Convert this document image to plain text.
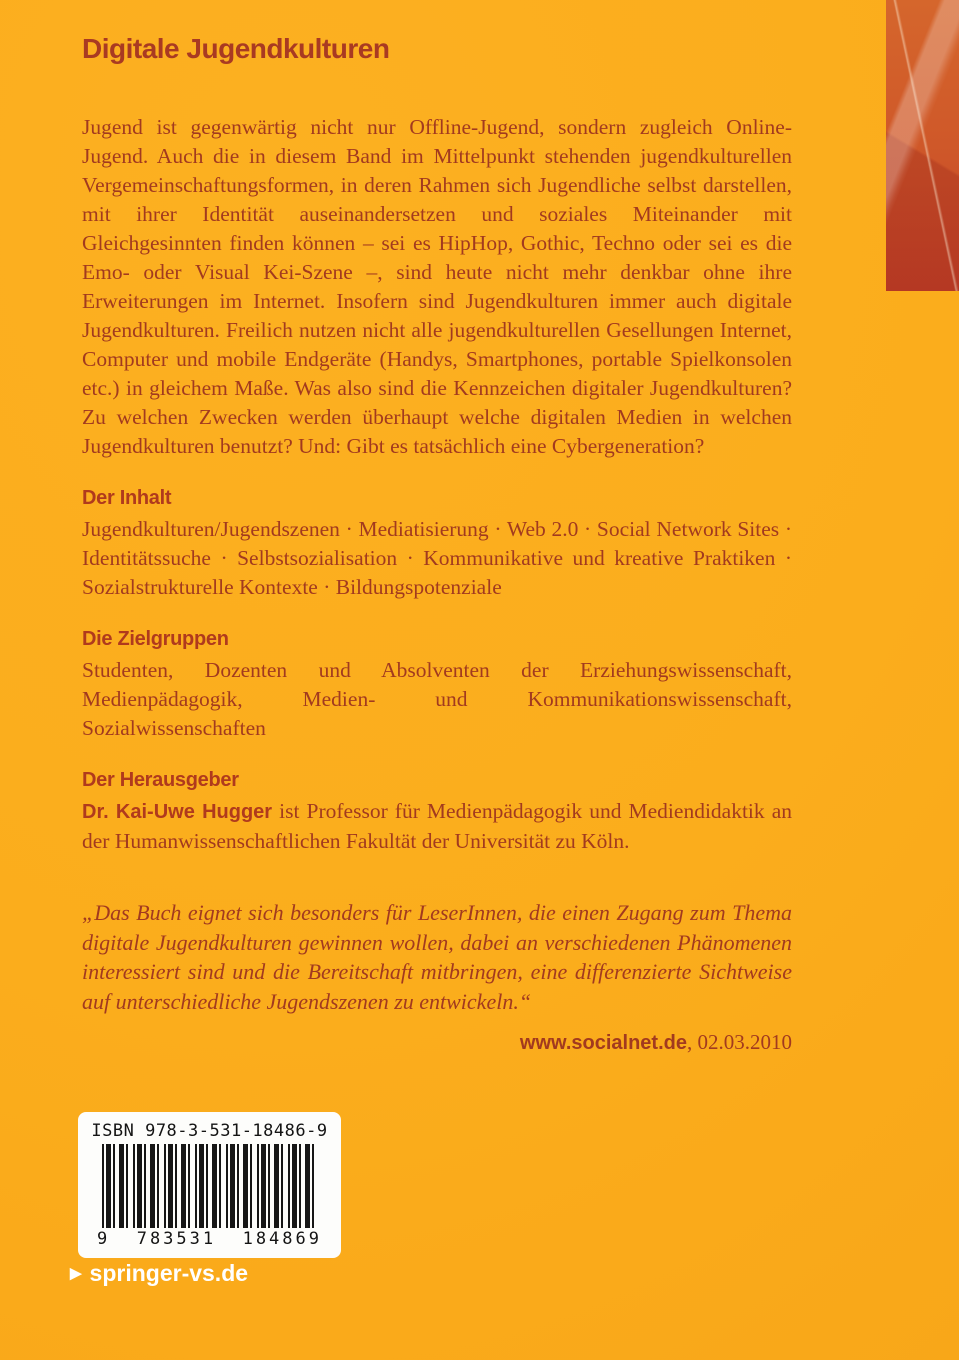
Digitale Jugendkulturen

Jugend ist gegenwärtig nicht nur Offline-Jugend, sondern zugleich Online-Jugend. Auch die in diesem Band im Mittelpunkt stehenden jugendkulturellen Vergemeinschaftungsformen, in deren Rahmen sich Jugendliche selbst darstellen, mit ihrer Identität auseinandersetzen und soziales Miteinander mit Gleichgesinnten finden können – sei es HipHop, Gothic, Techno oder sei es die Emo- oder Visual Kei-Szene –, sind heute nicht mehr denkbar ohne ihre Erweiterungen im Internet. Insofern sind Jugendkulturen immer auch digitale Jugendkulturen. Freilich nutzen nicht alle jugendkulturellen Gesellungen Internet, Computer und mobile Endgeräte (Handys, Smartphones, portable Spielkonsolen etc.) in gleichem Maße. Was also sind die Kennzeichen digitaler Jugendkulturen? Zu welchen Zwecken werden überhaupt welche digitalen Medien in welchen Jugendkulturen benutzt? Und: Gibt es tatsächlich eine Cybergeneration?

Der Inhalt

Jugendkulturen/Jugendszenen · Mediatisierung · Web 2.0 · Social Network Sites · Identitätssuche · Selbstsozialisation · Kommunikative und kreative Praktiken · Sozialstrukturelle Kontexte · Bildungspotenziale

Die Zielgruppen

Studenten, Dozenten und Absolventen der Erziehungswissenschaft, Medienpädagogik, Medien- und Kommunikationswissenschaft, Sozialwissenschaften

Der Herausgeber

Dr. Kai-Uwe Hugger ist Professor für Medienpädagogik und Mediendidaktik an der Humanwissenschaftlichen Fakultät der Universität zu Köln.

„Das Buch eignet sich besonders für LeserInnen, die einen Zugang zum Thema digitale Jugendkulturen gewinnen wollen, dabei an verschiedenen Phänomenen interessiert sind und die Bereitschaft mitbringen, eine differenzierte Sichtweise auf unterschiedliche Jugendszenen zu entwickeln.“

www.socialnet.de, 02.03.2010

ISBN 978-3-531-18486-9
9  783531  184869
▶ springer-vs.de
